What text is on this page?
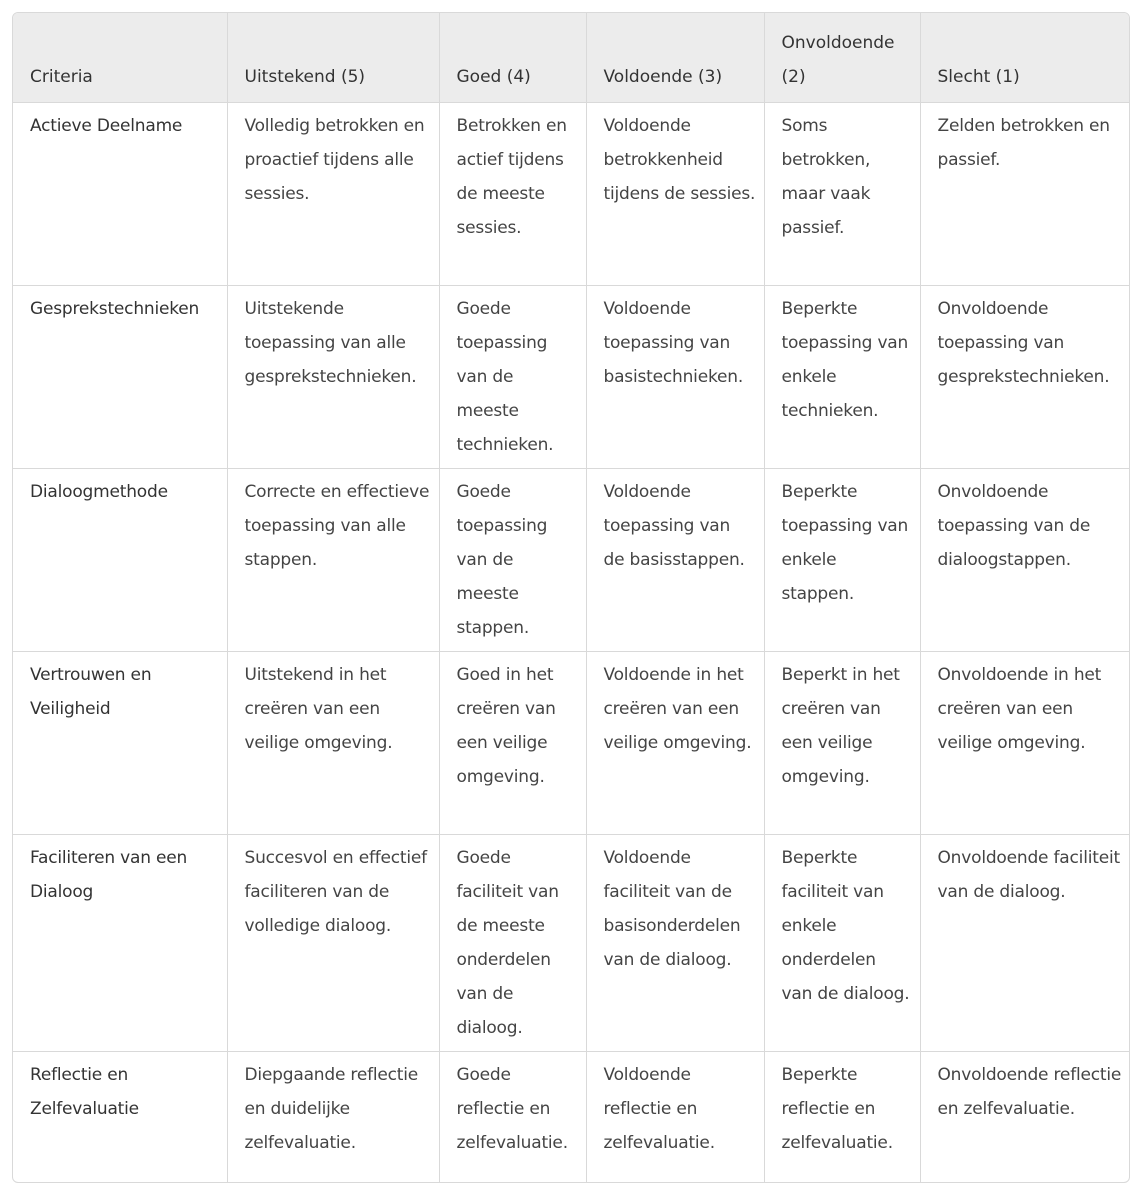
Criteria	Uitstekend (5)	Goed (4)	Voldoende (3)	Onvoldoende (2)	Slecht (1)
Actieve Deelname	Volledig betrokken en proactief tijdens alle sessies.	Betrokken en actief tijdens de meeste sessies.	Voldoende betrokkenheid tijdens de sessies.	Soms betrokken, maar vaak passief.	Zelden betrokken en passief.
Gesprekstechnieken	Uitstekende toepassing van alle gesprekstechnieken.	Goede toepassing van de meeste technieken.	Voldoende toepassing van basistechnieken.	Beperkte toepassing van enkele technieken.	Onvoldoende toepassing van gesprekstechnieken.
Dialoogmethode	Correcte en effectieve toepassing van alle stappen.	Goede toepassing van de meeste stappen.	Voldoende toepassing van de basisstappen.	Beperkte toepassing van enkele stappen.	Onvoldoende toepassing van de dialoogstappen.
Vertrouwen en Veiligheid	Uitstekend in het creëren van een veilige omgeving.	Goed in het creëren van een veilige omgeving.	Voldoende in het creëren van een veilige omgeving.	Beperkt in het creëren van een veilige omgeving.	Onvoldoende in het creëren van een veilige omgeving.
Faciliteren van een Dialoog	Succesvol en effectief faciliteren van de volledige dialoog.	Goede faciliteit van de meeste onderdelen van de dialoog.	Voldoende faciliteit van de basisonderdelen van de dialoog.	Beperkte faciliteit van enkele onderdelen van de dialoog.	Onvoldoende faciliteit van de dialoog.
Reflectie en Zelfevaluatie	Diepgaande reflectie en duidelijke zelfevaluatie.	Goede reflectie en zelfevaluatie.	Voldoende reflectie en zelfevaluatie.	Beperkte reflectie en zelfevaluatie.	Onvoldoende reflectie en zelfevaluatie.
